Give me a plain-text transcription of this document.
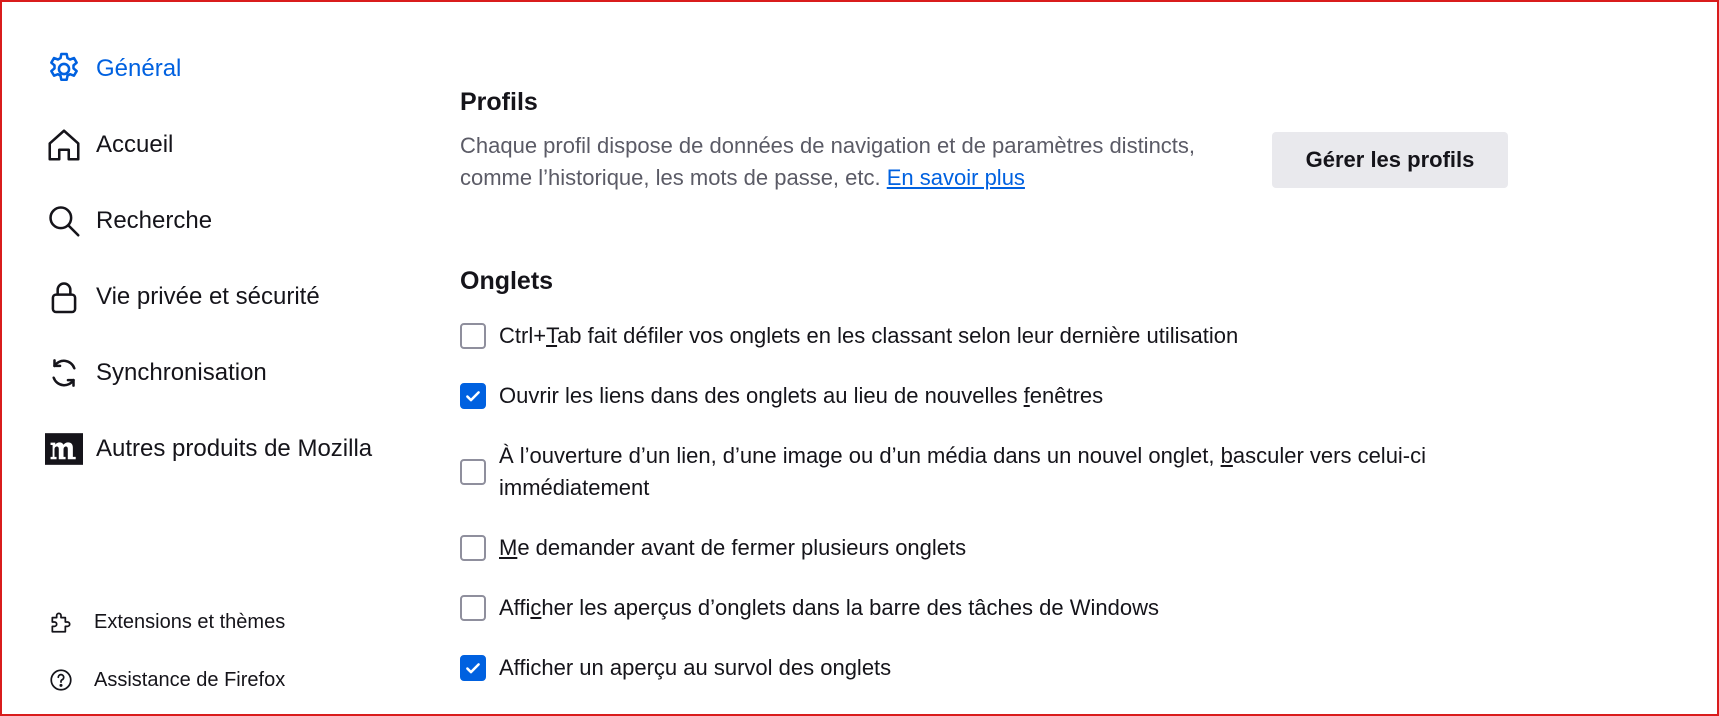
Général
Accueil
Recherche
Vie privée et sécurité
Synchronisation
Autres produits de Mozilla
Extensions et thèmes
Assistance de Firefox
Profils

Chaque profil dispose de données de navigation et de paramètres distincts, comme l’historique, les mots de passe, etc. En savoir plus

Gérer les profils
Onglets
Ctrl+Tab fait défiler vos onglets en les classant selon leur dernière utilisation
Ouvrir les liens dans des onglets au lieu de nouvelles fenêtres
À l’ouverture d’un lien, d’une image ou d’un média dans un nouvel onglet, basculer vers celui-ci immédiatement
Me demander avant de fermer plusieurs onglets
Afficher les aperçus d’onglets dans la barre des tâches de Windows
Afficher un aperçu au survol des onglets
